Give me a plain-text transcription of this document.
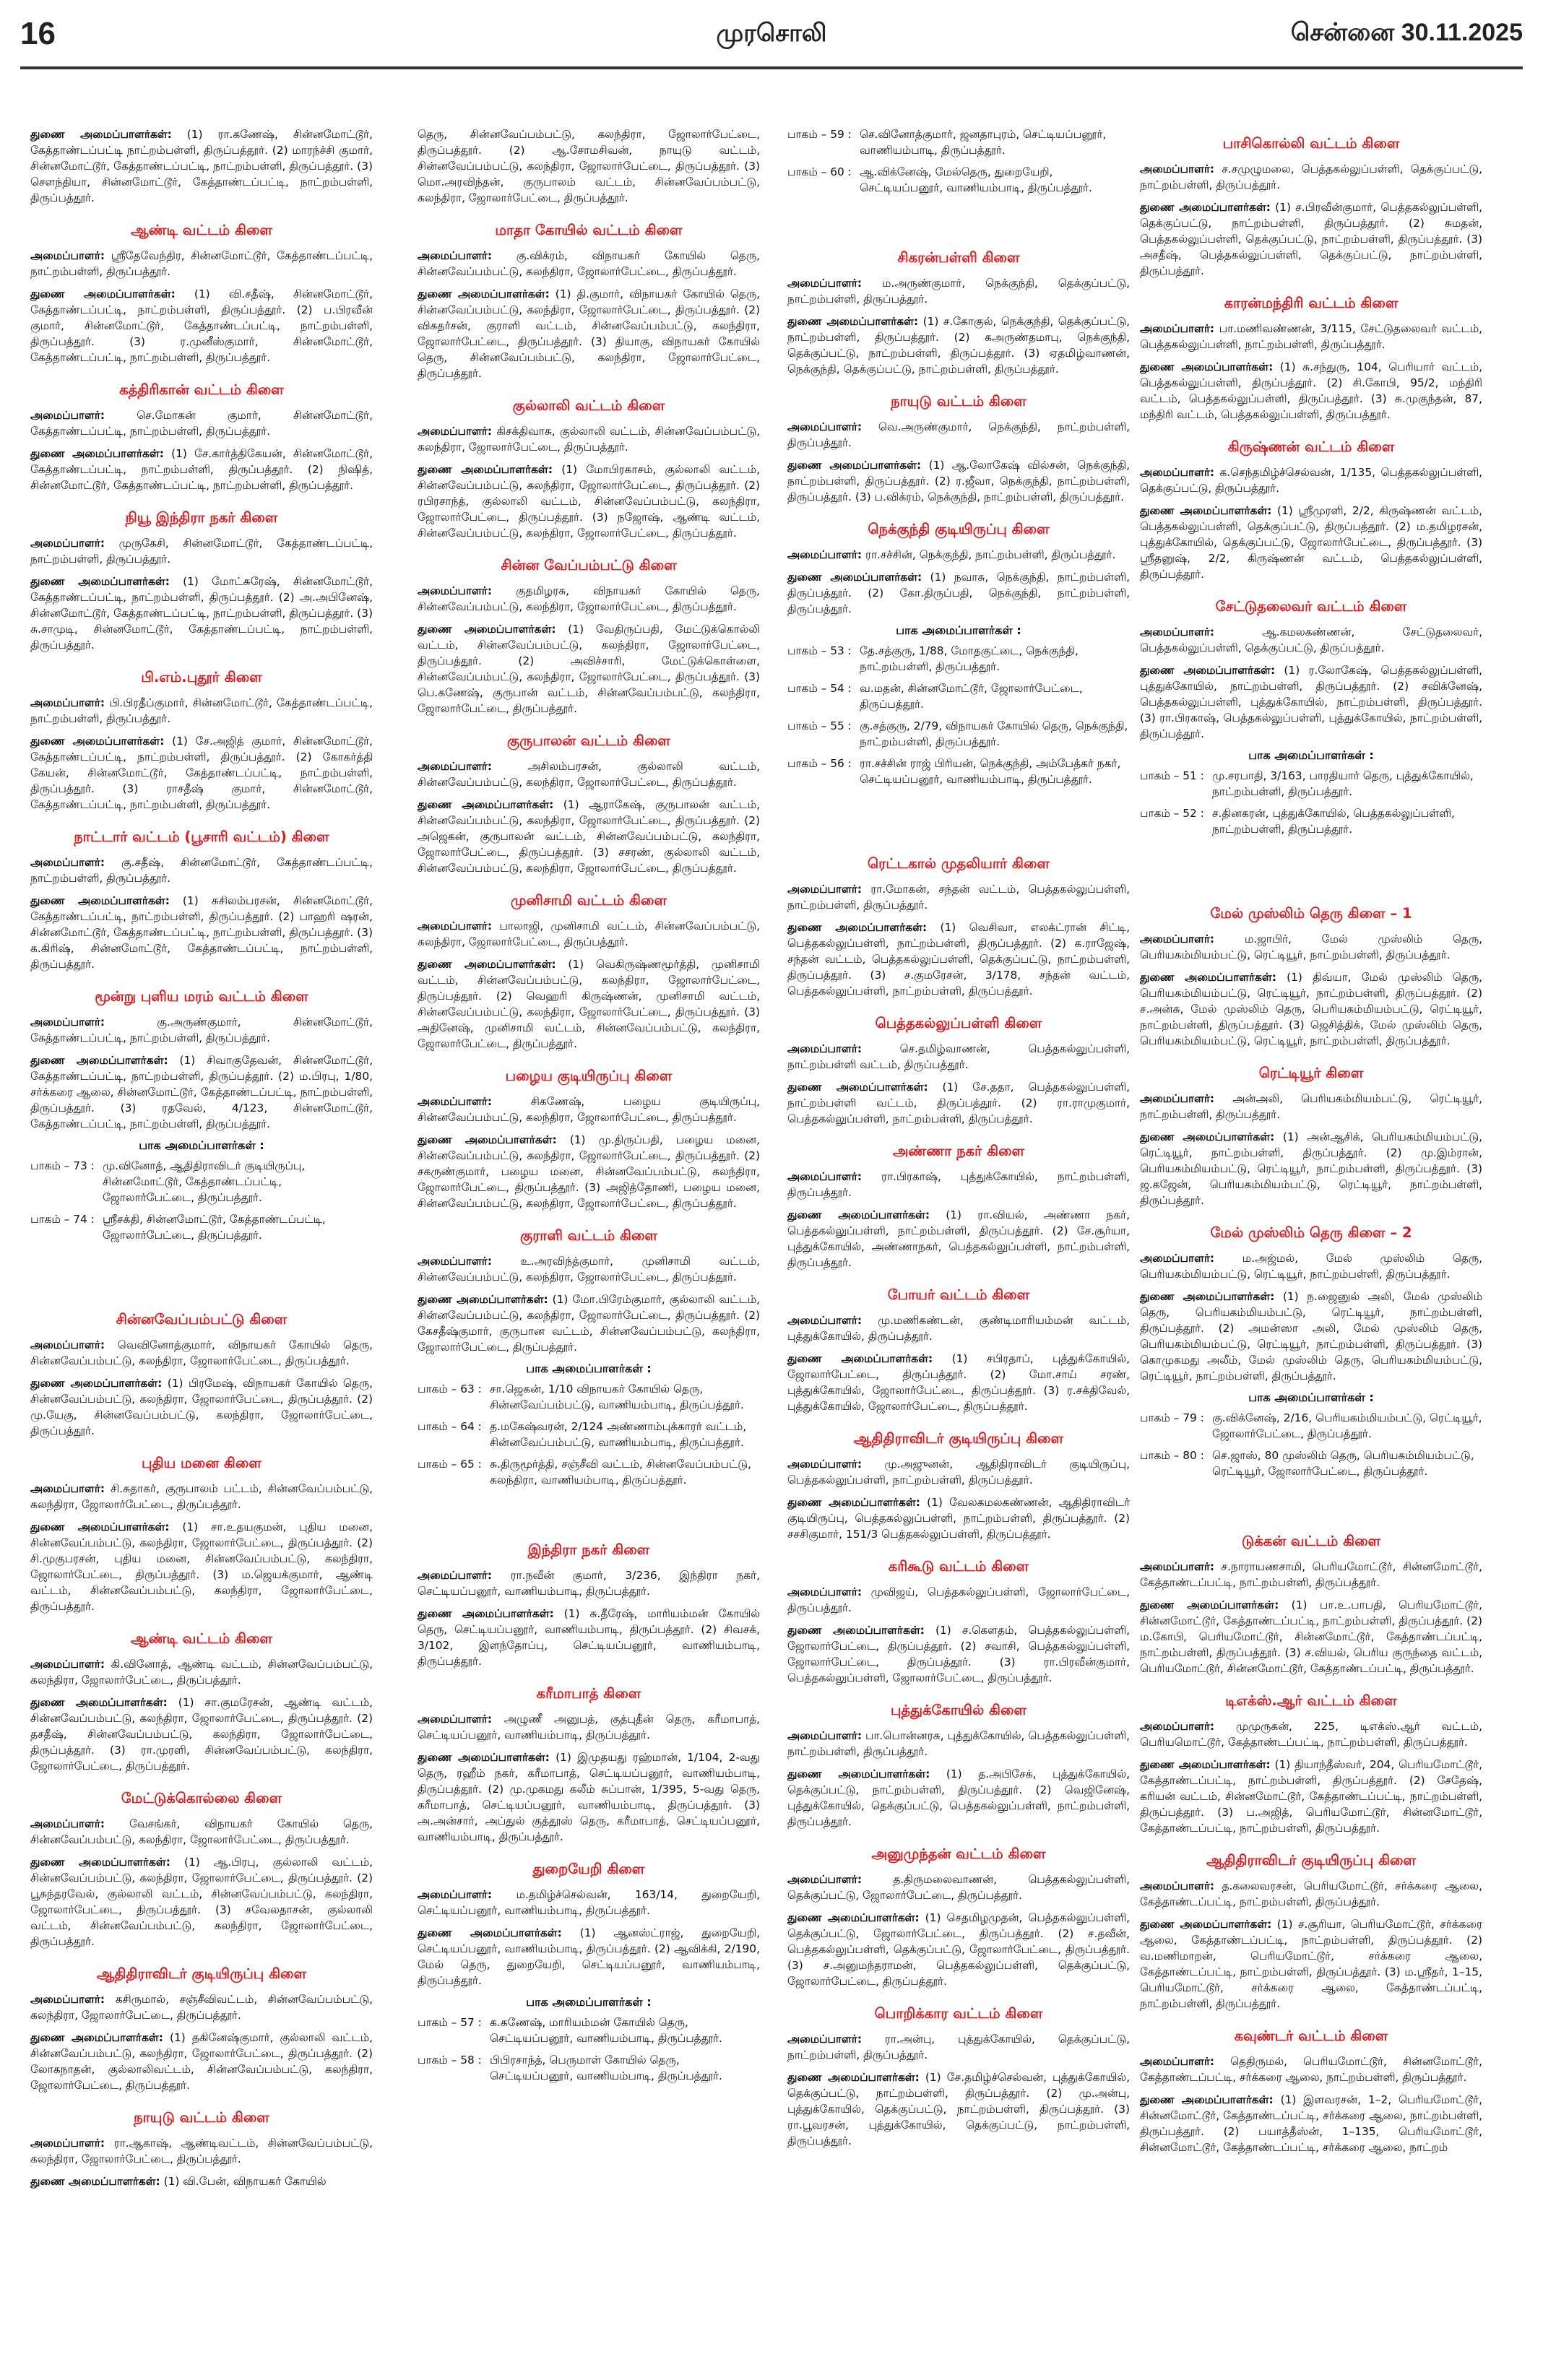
முரசொலி
16	சென்னை 30.11.2025
துணை அமைப்பாளர்கள்: (1) ரா.கணேஷ், சின்னமோட்டூர், கேத்தாண்டப்பட்டி நாட்றம்பள்ளி, திருப்பத்தூர். (2) மாரந்ச்சி குமார், சின்னமோட்டூர், கேத்தாண்டப்பட்டி, நாட்றம்பள்ளி, திருப்பத்தூர். (3) சௌந்தியா, சின்னமோட்டூர், கேத்தாண்டப்பட்டி, நாட்றம்பள்ளி, திருப்பத்தூர்.
ஆண்டி வட்டம் கிளை
அமைப்பாளர்: ஸ்ரீதேவேந்திர, சின்னமோட்டூர், கேத்தாண்டப்பட்டி, நாட்றம்பள்ளி, திருப்பத்தூர்.
துணை அமைப்பாளர்கள்: (1) வி.சதீஷ், சின்னமோட்டூர், கேத்தாண்டப்பட்டி, நாட்றம்பள்ளி, திருப்பத்தூர். (2) ப.பிரவீன் குமார், சின்னமோட்டூர், கேத்தாண்டப்பட்டி, நாட்றம்பள்ளி, திருப்பத்தூர். (3) ர.முனீஸ்குமார், சின்னமோட்டூர், கேத்தாண்டப்பட்டி, நாட்றம்பள்ளி, திருப்பத்தூர்.
கத்திரிகான் வட்டம் கிளை
அமைப்பாளர்:	செ.மோகன் குமார், சின்னமோட்டூர், கேத்தாண்டப்பட்டி, நாட்றம்பள்ளி, திருப்பத்தூர்.
துணை அமைப்பாளர்கள்: (1) சே.கார்த்திகேயன், சின்னமோட்டூர், கேத்தாண்டப்பட்டி, நாட்றம்பள்ளி, திருப்பத்தூர். (2) நிஷித், சின்னமோட்டூர், கேத்தாண்டப்பட்டி, நாட்றம்பள்ளி, திருப்பத்தூர்.
நியூ இந்திரா நகர் கிளை
அமைப்பாளர்: முருகேசி, சின்னமோட்டூர், கேத்தாண்டப்பட்டி, நாட்றம்பள்ளி, திருப்பத்தூர்.
துணை அமைப்பாளர்கள்: (1) மோட்சுரேஷ், சின்னமோட்டூர், கேத்தாண்டப்பட்டி, நாட்றம்பள்ளி, திருப்பத்தூர். (2) அ.அபினேஷ், சின்னமோட்டூர், கேத்தாண்டப்பட்டி, நாட்றம்பள்ளி, திருப்பத்தூர். (3) சு.சாமுடி, சின்னமோட்டூர், கேத்தாண்டப்பட்டி, நாட்றம்பள்ளி, திருப்பத்தூர்.
பி.எம்.புதூர் கிளை
அமைப்பாளர்: பி.பிரதீப்குமார், சின்னமோட்டூர், கேத்தாண்டப்பட்டி, நாட்றம்பள்ளி, திருப்பத்தூர்.
துணை அமைப்பாளர்கள்: (1) சே.அஜித் குமார், சின்னமோட்டூர், கேத்தாண்டப்பட்டி, நாட்றம்பள்ளி, திருப்பத்தூர். (2) கோகர்த்தி கேயன், சின்னமோட்டூர், கேத்தாண்டப்பட்டி, நாட்றம்பள்ளி, திருப்பத்தூர். (3) ராசதீஷ் குமார், சின்னமோட்டூர், கேத்தாண்டப்பட்டி, நாட்றம்பள்ளி, திருப்பத்தூர்.
நாட்டார் வட்டம் (பூசாரி வட்டம்) கிளை
அமைப்பாளர்: கு.சதீஷ், சின்னமோட்டூர், கேத்தாண்டப்பட்டி, நாட்றம்பள்ளி, திருப்பத்தூர்.
துணை அமைப்பாளர்கள்: (1) சுசிலம்பரசன், சின்னமோட்டூர், கேத்தாண்டப்பட்டி, நாட்றம்பள்ளி, திருப்பத்தூர். (2) பாஹரி ஷரன், சின்னமோட்டூர், கேத்தாண்டப்பட்டி, நாட்றம்பள்ளி, திருப்பத்தூர். (3) க.கிரிஷ், சின்னமோட்டூர், கேத்தாண்டப்பட்டி, நாட்றம்பள்ளி, திருப்பத்தூர்.
மூன்று புளிய மரம் வட்டம் கிளை
அமைப்பாளர்:	கு.அருண்குமார், சின்னமோட்டூர், கேத்தாண்டப்பட்டி, நாட்றம்பள்ளி, திருப்பத்தூர்.
துணை அமைப்பாளர்கள்: (1) சிவாகுதேவன், சின்னமோட்டூர், கேத்தாண்டப்பட்டி, நாட்றம்பள்ளி, திருப்பத்தூர். (2) ம.பிரபு, 1/80, சர்க்கரை ஆலை, சின்னமோட்டூர், கேத்தாண்டப்பட்டி, நாட்றம்பள்ளி, திருப்பத்தூர். (3) ரதவேல், 4/123, சின்னமோட்டூர், கேத்தாண்டப்பட்டி, நாட்றம்பள்ளி, திருப்பத்தூர்.
பாக அமைப்பாளர்கள் :
பாகம் – 73 : மு.வினோத், ஆதிதிராவிடர் குடியிருப்பு, சின்னமோட்டூர், கேத்தாண்டப்பட்டி, ஜோலார்பேட்டை, திருப்பத்தூர்.
பாகம் – 74 : ஸ்ரீசக்தி, சின்னமோட்டூர், கேத்தாண்டப்பட்டி, ஜோலார்பேட்டை, திருப்பத்தூர்.
சின்னவேப்பம்பட்டு கிளை
அமைப்பாளர்: வெவினோத்குமார், விநாயகர் கோயில் தெரு, சின்னவேப்பம்பட்டு, கலந்திரா, ஜோலார்பேட்டை, திருப்பத்தூர்.
துணை அமைப்பாளர்கள்: (1) பிரமேஷ், விநாயகர் கோயில் தெரு, சின்னவேப்பம்பட்டு, கலந்திரா, ஜோலார்பேட்டை, திருப்பத்தூர். (2) மு.யேகு, சின்னவேப்பம்பட்டு, கலந்திரா, ஜோலார்பேட்டை, திருப்பத்தூர்.
புதிய மனை கிளை
அமைப்பாளர்: சி.சுதாகர், குருபாலம் பட்டம், சின்னவேப்பம்பட்டு, கலந்திரா, ஜோலார்பேட்டை, திருப்பத்தூர்.
துணை அமைப்பாளர்கள்: (1) சா.உதயகுமன், புதிய மனை, சின்னவேப்பம்பட்டு, கலந்திரா, ஜோலார்பேட்டை, திருப்பத்தூர். (2) சி.முகுபரசன், புதிய மனை, சின்னவேப்பம்பட்டு, கலந்திரா, ஜோலார்பேட்டை, திருப்பத்தூர். (3) ம.ஜெயக்குமார், ஆண்டி வட்டம், சின்னவேப்பம்பட்டு, கலந்திரா, ஜோலார்பேட்டை, திருப்பத்தூர்.
ஆண்டி வட்டம் கிளை
அமைப்பாளர்: கி.வினோத், ஆண்டி வட்டம், சின்னவேப்பம்பட்டு, கலந்திரா, ஜோலார்பேட்டை, திருப்பத்தூர்.
துணை அமைப்பாளர்கள்: (1) சா.குமரேசன், ஆண்டி வட்டம், சின்னவேப்பம்பட்டு, கலந்திரா, ஜோலார்பேட்டை, திருப்பத்தூர். (2) தசதீஷ், சின்னவேப்பம்பட்டு, கலந்திரா, ஜோலார்பேட்டை, திருப்பத்தூர். (3) ரா.முரளி, சின்னவேப்பம்பட்டு, கலந்திரா, ஜோலார்பேட்டை, திருப்பத்தூர்.
மேட்டுக்கொல்லை கிளை
அமைப்பாளர்: வேசங்கர், விநாயகர் கோயில் தெரு, சின்னவேப்பம்பட்டு, கலந்திரா, ஜோலார்பேட்டை, திருப்பத்தூர்.
துணை அமைப்பாளர்கள்: (1) ஆ.பிரபு, குல்லாலி வட்டம், சின்னவேப்பம்பட்டு, கலந்திரா, ஜோலார்பேட்டை, திருப்பத்தூர். (2) பூசுந்தரவேல், குல்லாலி வட்டம், சின்னவேப்பம்பட்டு, கலந்திரா, ஜோலார்பேட்டை, திருப்பத்தூர். (3) சவேலதாசன், குல்லாலி வட்டம், சின்னவேப்பம்பட்டு, கலந்திரா, ஜோலார்பேட்டை, திருப்பத்தூர்.
ஆதிதிராவிடர் குடியிருப்பு கிளை
அமைப்பாளர்: கசிருமால், சஞ்சீவிவட்டம், சின்னவேப்பம்பட்டு, கலந்திரா, ஜோலார்பேட்டை, திருப்பத்தூர்.
துணை அமைப்பாளர்கள்: (1) தகினேஷ்குமார், குல்லாலி வட்டம், சின்னவேப்பம்பட்டு, கலந்திரா, ஜோலார்பேட்டை, திருப்பத்தூர். (2) லோகநாதன், குல்லாலிவட்டம், சின்னவேப்பம்பட்டு, கலந்திரா, ஜோலார்பேட்டை, திருப்பத்தூர்.
நாயுடு வட்டம் கிளை
அமைப்பாளர்: ரா.ஆகாஷ், ஆண்டிவட்டம், சின்னவேப்பம்பட்டு, கலந்திரா, ஜோலார்பேட்டை, திருப்பத்தூர்.
துணை அமைப்பாளர்கள்: (1) வி.பேன், விநாயகர் கோயில்
தெரு, சின்னவேப்பம்பட்டு, கலந்திரா, ஜோலார்பேட்டை, திருப்பத்தூர். (2) ஆ.சோமசிவன், நாயுடு வட்டம், சின்னவேப்பம்பட்டு, கலந்திரா, ஜோலார்பேட்டை, திருப்பத்தூர். (3) மொ.அரவிந்தன், குருபாலம் வட்டம், சின்னவேப்பம்பட்டு, கலந்திரா, ஜோலார்பேட்டை, திருப்பத்தூர்.
மாதா கோயில் வட்டம் கிளை
அமைப்பாளர்: கு.விக்ரம், விநாயகர் கோயில் தெரு, சின்னவேப்பம்பட்டு, கலந்திரா, ஜோலார்பேட்டை, திருப்பத்தூர்.
துணை அமைப்பாளர்கள்: (1) தி.குமார், விநாயகர் கோயில் தெரு, சின்னவேப்பம்பட்டு, கலந்திரா, ஜோலார்பேட்டை, திருப்பத்தூர். (2) விசுதர்சன், குராளி வட்டம், சின்னவேப்பம்பட்டு, கலந்திரா, ஜோலார்பேட்டை, திருப்பத்தூர். (3) தியாகு, விநாயகர் கோயில் தெரு, சின்னவேப்பம்பட்டு, கலந்திரா, ஜோலார்பேட்டை, திருப்பத்தூர்.
குல்லாலி வட்டம் கிளை
அமைப்பாளர்: கிசக்திவாசு, குல்லாலி வட்டம், சின்னவேப்பம்பட்டு, கலந்திரா, ஜோலார்பேட்டை, திருப்பத்தூர்.
துணை அமைப்பாளர்கள்: (1) மோபிரகாசம், குல்லாலி வட்டம், சின்னவேப்பம்பட்டு, கலந்திரா, ஜோலார்பேட்டை, திருப்பத்தூர். (2) ரபிரசாந்த், குல்லாலி வட்டம், சின்னவேப்பம்பட்டு, கலந்திரா, ஜோலார்பேட்டை, திருப்பத்தூர். (3) நஜோஷ், ஆண்டி வட்டம், சின்னவேப்பம்பட்டு, கலந்திரா, ஜோலார்பேட்டை, திருப்பத்தூர்.
சின்ன வேப்பம்பட்டு கிளை
அமைப்பாளர்: குதமிழரசு, விநாயகர் கோயில் தெரு, சின்னவேப்பம்பட்டு, கலந்திரா, ஜோலார்பேட்டை, திருப்பத்தூர்.
துணை அமைப்பாளர்கள்: (1) வேதிருப்பதி, மேட்டுக்கொல்லி வட்டம், சின்னவேப்பம்பட்டு, கலந்திரா, ஜோலார்பேட்டை, திருப்பத்தூர். (2) அவிச்சாரி, மேட்டுக்கொள்ளை, சின்னவேப்பம்பட்டு, கலந்திரா, ஜோலார்பேட்டை, திருப்பத்தூர். (3) பெ.கணேஷ், குருபான் வட்டம், சின்னவேப்பம்பட்டு, கலந்திரா, ஜோலார்பேட்டை, திருப்பத்தூர்.
குருபாலன் வட்டம் கிளை
அமைப்பாளர்:	அசிலம்பரசன், குல்லாலி வட்டம், சின்னவேப்பம்பட்டு, கலந்திரா, ஜோலார்பேட்டை, திருப்பத்தூர்.
துணை அமைப்பாளர்கள்: (1) ஆராகேஷ், குருபாலன் வட்டம், சின்னவேப்பம்பட்டு, கலந்திரா, ஜோலார்பேட்டை, திருப்பத்தூர். (2) அஜெகன், குருபாலன் வட்டம், சின்னவேப்பம்பட்டு, கலந்திரா, ஜோலார்பேட்டை, திருப்பத்தூர். (3) சசரண், குல்லாலி வட்டம், சின்னவேப்பம்பட்டு, கலந்திரா, ஜோலார்பேட்டை, திருப்பத்தூர்.
முனிசாமி வட்டம் கிளை
அமைப்பாளர்: பாலாஜி, முனிசாமி வட்டம், சின்னவேப்பம்பட்டு, கலந்திரா, ஜோலார்பேட்டை, திருப்பத்தூர்.
துணை அமைப்பாளர்கள்: (1) வெகிருஷ்ணமூர்த்தி, முனிசாமி வட்டம், சின்னவேப்பம்பட்டு, கலந்திரா, ஜோலார்பேட்டை, திருப்பத்தூர். (2) வெஹரி கிருஷ்ணன், முனிசாமி வட்டம், சின்னவேப்பம்பட்டு, கலந்திரா, ஜோலார்பேட்டை, திருப்பத்தூர். (3) அதினேஷ், முனிசாமி வட்டம், சின்னவேப்பம்பட்டு, கலந்திரா, ஜோலார்பேட்டை, திருப்பத்தூர்.
பழைய குடியிருப்பு கிளை
அமைப்பாளர்:	சிகணேஷ், பழைய குடியிருப்பு, சின்னவேப்பம்பட்டு, கலந்திரா, ஜோலார்பேட்டை, திருப்பத்தூர்.
துணை அமைப்பாளர்கள்: (1) மு.திருப்பதி, பழைய மனை, சின்னவேப்பம்பட்டு, கலந்திரா, ஜோலார்பேட்டை, திருப்பத்தூர். (2) சகருண்குமார், பழைய மனை, சின்னவேப்பம்பட்டு, கலந்திரா, ஜோலார்பேட்டை, திருப்பத்தூர். (3) அஜித்தோணி, பழைய மனை, சின்னவேப்பம்பட்டு, கலந்திரா, ஜோலார்பேட்டை, திருப்பத்தூர்.
குராளி வட்டம் கிளை
அமைப்பாளர்:	உ.அரவிந்த்குமார், முனிசாமி வட்டம், சின்னவேப்பம்பட்டு, கலந்திரா, ஜோலார்பேட்டை, திருப்பத்தூர்.
துணை அமைப்பாளர்கள்: (1) மோ.பிரேம்குமார், குல்லாலி வட்டம், சின்னவேப்பம்பட்டு, கலந்திரா, ஜோலார்பேட்டை, திருப்பத்தூர். (2) கேசதீஷ்குமார், குருபான வட்டம், சின்னவேப்பம்பட்டு, கலந்திரா, ஜோலார்பேட்டை, திருப்பத்தூர்.
பாக அமைப்பாளர்கள் :
பாகம் – 63 : சா.ஜெகன், 1/10 விநாயகர் கோயில் தெரு, சின்னவேப்பம்பட்டு, வாணியம்பாடி, திருப்பத்தூர்.
பாகம் – 64 : த.மகேஷ்வரன், 2/124 அண்ணாம்புக்காரர் வட்டம், சின்னவேப்பம்பட்டு, வாணியம்பாடி, திருப்பத்தூர்.
பாகம் – 65 : சு.திருமூர்த்தி, சஞ்சீவி வட்டம், சின்னவேப்பம்பட்டு, கலந்திரா, வாணியம்பாடி, திருப்பத்தூர்.
இந்திரா நகர் கிளை
அமைப்பாளர்: ரா.நவீன் குமார், 3/236, இந்திரா நகர், செட்டியப்பனூர், வாணியம்பாடி, திருப்பத்தூர்.
துணை அமைப்பாளர்கள்: (1) சு.தீரேஷ், மாரியம்மன் கோயில் தெரு, செட்டியப்பனூர், வாணியம்பாடி, திருப்பத்தூர். (2) சிவசக், 3/102, இளந்தோப்பு, செட்டியப்பனூர், வாணியம்பாடி, திருப்பத்தூர்.
கரீமாபாத் கிளை
அமைப்பாளர்: அழுணீ அனுபத், குத்புதீன் தெரு, கரீமாபாத், செட்டியப்பனூர், வாணியம்பாடி, திருப்பத்தூர்.
துணை அமைப்பாளர்கள்: (1) இமுதயது ரஹ்மான், 1/104, 2-வது தெரு, ரஹீம் நகர், கரீமாபாத், செட்டியப்பனூர், வாணியம்பாடி, திருப்பத்தூர். (2) மு.முகமது கலீம் சுப்பான், 1/395, 5-வது தெரு, கரீமாபாத், செட்டியப்பனூர், வாணியம்பாடி, திருப்பத்தூர். (3) அ.அன்சார், அப்துல் குத்தூஸ் தெரு, கரீமாபாத், செட்டியப்பனூர், வாணியம்பாடி, திருப்பத்தூர்.
துறையேறி கிளை
அமைப்பாளர்: ம.தமிழ்ச்செல்வன், 163/14, துறையேறி, செட்டியப்பனூர், வாணியம்பாடி, திருப்பத்தூர்.
துணை அமைப்பாளர்கள்: (1) ஆனஸ்ட்ராஜ், துறையேறி, செட்டியப்பனூர், வாணியம்பாடி, திருப்பத்தூர். (2) ஆவிக்கி, 2/190, மேல் தெரு, துறையேறி, செட்டியப்பனூர், வாணியம்பாடி, திருப்பத்தூர்.
பாக அமைப்பாளர்கள் :
பாகம் – 57 : க.கணேஷ், மாரியம்மன் கோயில் தெரு, செட்டியப்பனூர், வாணியம்பாடி, திருப்பத்தூர்.
பாகம் – 58 : பிபிரசாந்த், பெருமாள் கோயில் தெரு, செட்டியப்பனூர், வாணியம்பாடி, திருப்பத்தூர்.
பாகம் – 59 : செ.வினோத்குமார், ஜனதாபுரம், செட்டியப்பனூர், வாணியம்பாடி, திருப்பத்தூர்.
பாகம் – 60 : ஆ.விக்னேஷ், மேல்தெரு, துறையேறி, செட்டியப்பனூர், வாணியம்பாடி, திருப்பத்தூர்.
சிகரன்பள்ளி கிளை
அமைப்பாளர்: ம.அருண்குமார், நெக்குந்தி, தெக்குப்பட்டு, நாட்றம்பள்ளி, திருப்பத்தூர்.
துணை அமைப்பாளர்கள்: (1) ச.கோகுல், நெக்குந்தி, தெக்குப்பட்டு, நாட்றம்பள்ளி, திருப்பத்தூர். (2) கஅருண்தமாபு, நெக்குந்தி, தெக்குப்பட்டு, நாட்றம்பள்ளி, திருப்பத்தூர். (3) ஏதமிழ்வாணன், நெக்குந்தி, தெக்குப்பட்டு, நாட்றம்பள்ளி, திருப்பத்தூர்.
நாயுடு வட்டம் கிளை
அமைப்பாளர்: வெ.அருண்குமார், நெக்குந்தி, நாட்றம்பள்ளி, திருப்பத்தூர்.
துணை அமைப்பாளர்கள்: (1) ஆ.லோகேஷ் வில்சன், நெக்குந்தி, நாட்றம்பள்ளி, திருப்பத்தூர். (2) ர.ஜீவா, நெக்குந்தி, நாட்றம்பள்ளி, திருப்பத்தூர். (3) ப.விக்ரம், நெக்குந்தி, நாட்றம்பள்ளி, திருப்பத்தூர்.
நெக்குந்தி குடியிருப்பு கிளை
அமைப்பாளர்: ரா.சச்சின், நெக்குந்தி, நாட்றம்பள்ளி, திருப்பத்தூர்.
துணை அமைப்பாளர்கள்: (1) நவாசு, நெக்குந்தி, நாட்றம்பள்ளி, திருப்பத்தூர். (2) கோ.திருப்பதி, நெக்குந்தி, நாட்றம்பள்ளி, திருப்பத்தூர்.
பாக அமைப்பாளர்கள் :
பாகம் – 53 : தே.சத்குரு, 1/88, மோதகுட்டை, நெக்குந்தி, நாட்றம்பள்ளி, திருப்பத்தூர்.
பாகம் – 54 : வ.மதன், சின்னமோட்டூர், ஜோலார்பேட்டை, திருப்பத்தூர்.
பாகம் – 55 : கு.சத்குரு, 2/79, விநாயகர் கோயில் தெரு, நெக்குந்தி, நாட்றம்பள்ளி, திருப்பத்தூர்.
பாகம் – 56 : ரா.சச்சின் ராஜ் பிரியன், நெக்குந்தி, அம்பேத்கர் நகர், செட்டியப்பனூர், வாணியம்பாடி, திருப்பத்தூர்.
ரெட்டகால் முதலியார் கிளை
அமைப்பாளர்: ரா.மோகன், சந்தன் வட்டம், பெத்தகல்லுப்பள்ளி, நாட்றம்பள்ளி, திருப்பத்தூர்.
துணை அமைப்பாளர்கள்: (1) வெசிவா, எலக்ட்ரான் சிட்டி, பெத்தகல்லுப்பள்ளி, நாட்றம்பள்ளி, திருப்பத்தூர். (2) க.ராஜேஷ், சந்தன் வட்டம், பெத்தகல்லுப்பள்ளி, தெக்குப்பட்டு, நாட்றம்பள்ளி, திருப்பத்தூர். (3) ச.குமரேசன், 3/178, சந்தன் வட்டம், பெத்தகல்லுப்பள்ளி, நாட்றம்பள்ளி, திருப்பத்தூர்.
பெத்தகல்லுப்பள்ளி கிளை
அமைப்பாளர்:	செ.தமிழ்வாணன், பெத்தகல்லுப்பள்ளி, நாட்றம்பள்ளி வட்டம், திருப்பத்தூர்.
துணை அமைப்பாளர்கள்: (1) சே.ததா, பெத்தகல்லுப்பள்ளி, நாட்றம்பள்ளி வட்டம், திருப்பத்தூர். (2) ரா.ராமுகுமார், பெத்தகல்லுப்பள்ளி, நாட்றம்பள்ளி, திருப்பத்தூர்.
அண்ணா நகர் கிளை
அமைப்பாளர்: ரா.பிரகாஷ், புத்துக்கோயில், நாட்றம்பள்ளி, திருப்பத்தூர்.
துணை அமைப்பாளர்கள்: (1) ரா.வியல், அண்ணா நகர், பெத்தகல்லுப்பள்ளி, நாட்றம்பள்ளி, திருப்பத்தூர். (2) சே.சூர்யா, புத்துக்கோயில், அண்ணாநகர், பெத்தகல்லுப்பள்ளி, நாட்றம்பள்ளி, திருப்பத்தூர்.
போயர் வட்டம் கிளை
அமைப்பாளர்: மு.மணிகண்டன், குண்டிமாரியம்மன் வட்டம், புத்துக்கோயில், திருப்பத்தூர்.
துணை அமைப்பாளர்கள்: (1) சபிரதாப், புத்துக்கோயில், ஜோலார்பேட்டை, திருப்பத்தூர். (2) மோ.சாய் சரண், புத்துக்கோயில், ஜோலார்பேட்டை, திருப்பத்தூர். (3) ர.சக்திவேல், புத்துக்கோயில், ஜோலார்பேட்டை, திருப்பத்தூர்.
ஆதிதிராவிடர் குடியிருப்பு கிளை
அமைப்பாளர்: மு.அஜுனன், ஆதிதிராவிடர் குடியிருப்பு, பெத்தகல்லுப்பள்ளி, நாட்றம்பள்ளி, திருப்பத்தூர்.
துணை அமைப்பாளர்கள்: (1) வேலகமலகண்ணன், ஆதிதிராவிடர் குடியிருப்பு, பெத்தகல்லுப்பள்ளி, நாட்றம்பள்ளி, திருப்பத்தூர். (2) சசசிகுமார், 151/3 பெத்தகல்லுப்பள்ளி, திருப்பத்தூர்.
கரிகூடு வட்டம் கிளை
அமைப்பாளர்: முவிஜய், பெத்தகல்லுப்பள்ளி, ஜோலார்பேட்டை, திருப்பத்தூர்.
துணை அமைப்பாளர்கள்: (1) ச.கௌதம், பெத்தகல்லுப்பள்ளி, ஜோலார்பேட்டை, திருப்பத்தூர். (2) சவாசி, பெத்தகல்லுப்பள்ளி, ஜோலார்பேட்டை, திருப்பத்தூர். (3) ரா.பிரவீன்குமார், பெத்தகல்லுப்பள்ளி, ஜோலார்பேட்டை, திருப்பத்தூர்.
புத்துக்கோயில் கிளை
அமைப்பாளர்: பா.பொன்னரசு, புத்துக்கோயில், பெத்தகல்லுப்பள்ளி, நாட்றம்பள்ளி, திருப்பத்தூர்.
துணை அமைப்பாளர்கள்: (1) த.அபிசேக், புத்துக்கோயில், தெக்குப்பட்டு, நாட்றம்பள்ளி, திருப்பத்தூர். (2) வெஜினேஷ், புத்துக்கோயில், தெக்குப்பட்டு, பெத்தகல்லுப்பள்ளி, நாட்றம்பள்ளி, திருப்பத்தூர்.
அனுமுந்தன் வட்டம் கிளை
அமைப்பாளர்:	த.திருமலைவாணன், பெத்தகல்லுப்பள்ளி, தெக்குப்பட்டு, ஜோலார்பேட்டை, திருப்பத்தூர்.
துணை அமைப்பாளர்கள்: (1) செதமிழமுதன், பெத்தகல்லுப்பள்ளி, தெக்குப்பட்டு, ஜோலார்பேட்டை, திருப்பத்தூர். (2) ச.தவீன், பெத்தகல்லுப்பள்ளி, தெக்குப்பட்டு, ஜோலார்பேட்டை, திருப்பத்தூர். (3) ச.அனுமந்தராமன், பெத்தகல்லுப்பள்ளி, தெக்குப்பட்டு, ஜோலார்பேட்டை, திருப்பத்தூர்.
பொறிக்கார வட்டம் கிளை
அமைப்பாளர்: ரா.அன்பு, புத்துக்கோயில், தெக்குப்பட்டு, நாட்றம்பள்ளி, திருப்பத்தூர்.
துணை அமைப்பாளர்கள்: (1) சே.தமிழ்ச்செல்வன், புத்துக்கோயில், தெக்குப்பட்டு, நாட்றம்பள்ளி, திருப்பத்தூர். (2) மு.அன்பு, புத்துக்கோயில், தெக்குப்பட்டு, நாட்றம்பள்ளி, திருப்பத்தூர். (3) ரா.பூவரசன், புத்துக்கோயில், தெக்குப்பட்டு, நாட்றம்பள்ளி, திருப்பத்தூர்.
பாசிகொல்லி வட்டம் கிளை
அமைப்பாளர்: ச.சமுழுமலை, பெத்தகல்லுப்பள்ளி, தெக்குப்பட்டு, நாட்றம்பள்ளி, திருப்பத்தூர்.
துணை அமைப்பாளர்கள்: (1) ச.பிரவீன்குமார், பெத்தகல்லுப்பள்ளி, தெக்குப்பட்டு, நாட்றம்பள்ளி, திருப்பத்தூர். (2) சுமதன், பெத்தகல்லுப்பள்ளி, தெக்குப்பட்டு, நாட்றம்பள்ளி, திருப்பத்தூர். (3) அசதீஷ், பெத்தகல்லுப்பள்ளி, தெக்குப்பட்டு, நாட்றம்பள்ளி, திருப்பத்தூர்.
காரன்மந்திரி வட்டம் கிளை
அமைப்பாளர்: பா.மணிவண்ணன், 3/115, சேட்டுதலைவர் வட்டம், பெத்தகல்லுப்பள்ளி, நாட்றம்பள்ளி, திருப்பத்தூர்.
துணை அமைப்பாளர்கள்: (1) சு.சந்துரு, 104, பெரியார் வட்டம், பெத்தகல்லுப்பள்ளி, திருப்பத்தூர். (2) சி.கோபி, 95/2, மந்திரி வட்டம், பெத்தகல்லுப்பள்ளி, திருப்பத்தூர். (3) சு.முகுந்தன், 87, மந்திரி வட்டம், பெத்தகல்லுப்பள்ளி, திருப்பத்தூர்.
கிருஷ்ணன் வட்டம் கிளை
அமைப்பாளர்: க.செந்தமிழ்ச்செல்வன், 1/135, பெத்தகல்லுப்பள்ளி, தெக்குப்பட்டு, திருப்பத்தூர்.
துணை அமைப்பாளர்கள்: (1) ஸ்ரீமுரளி, 2/2, கிருஷ்ணன் வட்டம், பெத்தகல்லுப்பள்ளி, தெக்குப்பட்டு, திருப்பத்தூர். (2) ம.தமிழரசன், புத்துக்கோயில், தெக்குப்பட்டு, ஜோலார்பேட்டை, திருப்பத்தூர். (3) ஸ்ரீதனுஷ், 2/2, கிருஷ்ணன் வட்டம், பெத்தகல்லுப்பள்ளி, திருப்பத்தூர்.
சேட்டுதலைவர் வட்டம் கிளை
அமைப்பாளர்:	ஆ.கமலகண்ணன், சேட்டுதலைவர், பெத்தகல்லுப்பள்ளி, தெக்குப்பட்டு, திருப்பத்தூர்.
துணை அமைப்பாளர்கள்: (1) ர.லோகேஷ், பெத்தகல்லுப்பள்ளி, புத்துக்கோயில், நாட்றம்பள்ளி, திருப்பத்தூர். (2) சவிக்னேஷ், பெத்தகல்லுப்பள்ளி, புத்துக்கோயில், நாட்றம்பள்ளி, திருப்பத்தூர். (3) ரா.பிரகாஷ், பெத்தகல்லுப்பள்ளி, புத்துக்கோயில், நாட்றம்பள்ளி, திருப்பத்தூர்.
பாக அமைப்பாளர்கள் :
பாகம் – 51 : மு.சரபாதி, 3/163, பாரதியார் தெரு, புத்துக்கோயில், நாட்றம்பள்ளி, திருப்பத்தூர்.
பாகம் – 52 : ச.தினகரன், புத்துக்கோயில், பெத்தகல்லுப்பள்ளி, நாட்றம்பள்ளி, திருப்பத்தூர்.
மேல் முஸ்லிம் தெரு கிளை – 1
அமைப்பாளர்:	ம.ஜாபிர், மேல் முஸ்லிம் தெரு, பெரியகம்மியம்பட்டு, ரெட்டியூர், நாட்றம்பள்ளி, திருப்பத்தூர்.
துணை அமைப்பாளர்கள்: (1) திவ்யா, மேல் முஸ்லிம் தெரு, பெரியகம்மியம்பட்டு, ரெட்டியூர், நாட்றம்பள்ளி, திருப்பத்தூர். (2) ச.அன்சு, மேல் முஸ்லிம் தெரு, பெரியகம்மியம்பட்டு, ரெட்டியூர், நாட்றம்பள்ளி, திருப்பத்தூர். (3) ஜெசித்திக், மேல் முஸ்லிம் தெரு, பெரியகம்மியம்பட்டு, ரெட்டியூர், நாட்றம்பள்ளி, திருப்பத்தூர்.
ரெட்டியூர் கிளை
அமைப்பாளர்: அன்அலி, பெரியகம்மியம்பட்டு, ரெட்டியூர், நாட்றம்பள்ளி, திருப்பத்தூர்.
துணை அமைப்பாளர்கள்: (1) அன்ஆசிக், பெரியகம்மியம்பட்டு, ரெட்டியூர், நாட்றம்பள்ளி, திருப்பத்தூர். (2) மு.இம்ரான், பெரியகம்மியம்பட்டு, ரெட்டியூர், நாட்றம்பள்ளி, திருப்பத்தூர். (3) ஜ.கஜேன், பெரியகம்மியம்பட்டு, ரெட்டியூர், நாட்றம்பள்ளி, திருப்பத்தூர்.
மேல் முஸ்லிம் தெரு கிளை – 2
அமைப்பாளர்:	ம.அஜ்மல், மேல் முஸ்லிம் தெரு, பெரியகம்மியம்பட்டு, ரெட்டியூர், நாட்றம்பள்ளி, திருப்பத்தூர்.
துணை அமைப்பாளர்கள்: (1) ந.ஜைனுல் அலி, மேல் முஸ்லிம் தெரு, பெரியகம்மியம்பட்டு, ரெட்டியூர், நாட்றம்பள்ளி, திருப்பத்தூர். (2) அமன்ஸா அலி, மேல் முஸ்லிம் தெரு, பெரியகம்மியம்பட்டு, ரெட்டியூர், நாட்றம்பள்ளி, திருப்பத்தூர். (3) கொமுகமது அலீம், மேல் முஸ்லிம் தெரு, பெரியகம்மியம்பட்டு, ரெட்டியூர், நாட்றம்பள்ளி, திருப்பத்தூர்.
பாக அமைப்பாளர்கள் :
பாகம் – 79 : கு.விக்னேஷ், 2/16, பெரியகம்மியம்பட்டு, ரெட்டியூர், ஜோலார்பேட்டை, திருப்பத்தூர்.
பாகம் – 80 : செ.ஜாஸ், 80 முஸ்லிம் தெரு, பெரியகம்மியம்பட்டு, ரெட்டியூர், ஜோலார்பேட்டை, திருப்பத்தூர்.
டுக்கன் வட்டம் கிளை
அமைப்பாளர்: ச.நாராயணசாமி, பெரியமோட்டூர், சின்னமோட்டூர், கேத்தாண்டப்பட்டி, நாட்றம்பள்ளி, திருப்பத்தூர்.
துணை அமைப்பாளர்கள்: (1) பா.உ.பாபதி, பெரியமோட்டூர், சின்னமோட்டூர், கேத்தாண்டப்பட்டி, நாட்றம்பள்ளி, திருப்பத்தூர். (2) ம.கோபி, பெரியமோட்டூர், சின்னமோட்டூர், கேத்தாண்டப்பட்டி, நாட்றம்பள்ளி, திருப்பத்தூர். (3) ச.வியல், பெரிய குருந்தை வட்டம், பெரியமோட்டூர், சின்னமோட்டூர், கேத்தாண்டப்பட்டி, திருப்பத்தூர்.
டிஎக்ஸ்.ஆர் வட்டம் கிளை
அமைப்பாளர்: முமுருகன், 225, டிஎக்ஸ்.ஆர் வட்டம், பெரியமொட்டூர், கேத்தாண்டப்பட்டி, நாட்றம்பள்ளி, திருப்பத்தூர்.
துணை அமைப்பாளர்கள்: (1) தியாந்தீஸ்வர், 204, பெரியமோட்டூர், கேத்தாண்டப்பட்டி, நாட்றம்பள்ளி, திருப்பத்தூர். (2) சேதேஷ், கரியன் வட்டம், சின்னமோட்டூர், கேத்தாண்டப்பட்டி, நாட்றம்பள்ளி, திருப்பத்தூர். (3) ப.அஜித், பெரியமோட்டூர், சின்னமோட்டூர், கேத்தாண்டப்பட்டி, நாட்றம்பள்ளி, திருப்பத்தூர்.
ஆதிதிராவிடர் குடியிருப்பு கிளை
அமைப்பாளர்: த.கலைவரசன், பெரியமோட்டூர், சர்க்கரை ஆலை, கேத்தாண்டப்பட்டி, நாட்றம்பள்ளி, திருப்பத்தூர்.
துணை அமைப்பாளர்கள்: (1) ச.சூரியா, பெரியமோட்டூர், சர்க்கரை ஆலை, கேத்தாண்டப்பட்டி, நாட்றம்பள்ளி, திருப்பத்தூர். (2) வ.மணிமாறன், பெரியமோட்டூர், சர்க்கரை ஆலை, கேத்தாண்டப்பட்டி, நாட்றம்பள்ளி, திருப்பத்தூர். (3) ம.ஸ்ரீதர், 1–15, பெரியமோட்டூர், சர்க்கரை ஆலை, கேத்தாண்டப்பட்டி, நாட்றம்பள்ளி, திருப்பத்தூர்.
கவுண்டர் வட்டம் கிளை
அமைப்பாளர்: தெதிருமல், பெரியமோட்டூர், சின்னமோட்டூர், கேத்தாண்டப்பட்டி, சர்க்கரை ஆலை, நாட்றம்பள்ளி, திருப்பத்தூர்.
துணை அமைப்பாளர்கள்: (1) இளவரசன், 1–2, பெரியமோட்டூர், சின்னமோட்டூர், கேத்தாண்டப்பட்டி, சர்க்கரை ஆலை, நாட்றம்பள்ளி, திருப்பத்தூர். (2) பயாத்தீஸ்ன், 1–135, பெரியமோட்டூர், சின்னமோட்டூர், கேத்தாண்டப்பட்டி, சர்க்கரை ஆலை, நாட்றம்
